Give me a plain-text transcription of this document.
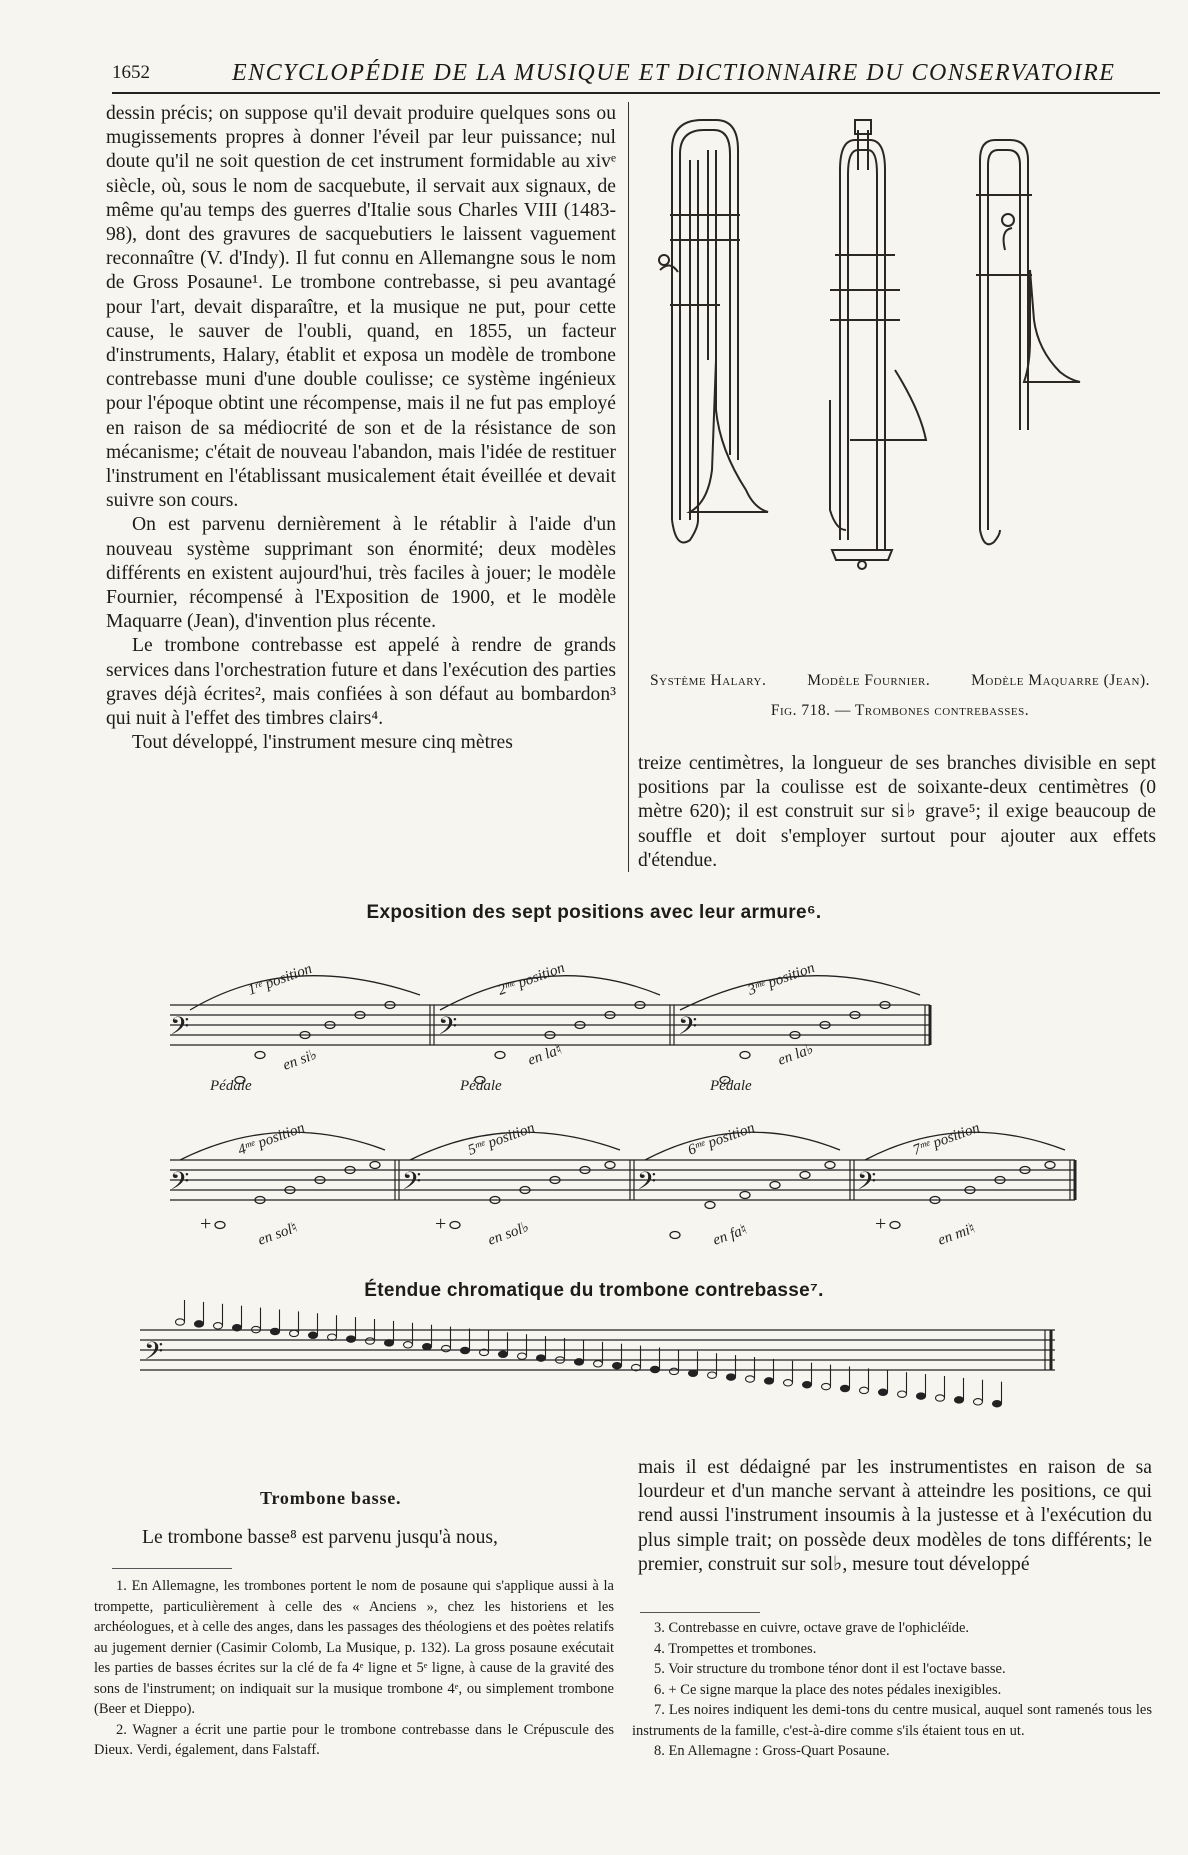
1652	ENCYCLOPÉDIE DE LA MUSIQUE ET DICTIONNAIRE DU CONSERVATOIRE

dessin précis; on suppose qu'il devait produire quelques sons ou mugissements propres à donner l'éveil par leur puissance; nul doute qu'il ne soit question de cet instrument formidable au xivᵉ siècle, où, sous le nom de sacquebute, il servait aux signaux, de même qu'au temps des guerres d'Italie sous Charles VIII (1483-98), dont des gravures de sacquebutiers le laissent vaguement reconnaître (V. d'Indy). Il fut connu en Allemangne sous le nom de Gross Posaune¹. Le trombone contrebasse, si peu avantagé pour l'art, devait disparaître, et la musique ne put, pour cette cause, le sauver de l'oubli, quand, en 1855, un facteur d'instruments, Halary, établit et exposa un modèle de trombone contrebasse muni d'une double coulisse; ce système ingénieux pour l'époque obtint une récompense, mais il ne fut pas employé en raison de sa médiocrité de son et de la résistance de son mécanisme; c'était de nouveau l'abandon, mais l'idée de restituer l'instrument en l'établissant musicalement était éveillée et devait suivre son cours.

On est parvenu dernièrement à le rétablir à l'aide d'un nouveau système supprimant son énormité; deux modèles différents en existent aujourd'hui, très faciles à jouer; le modèle Fournier, récompensé à l'Exposition de 1900, et le modèle Maquarre (Jean), d'invention plus récente.

Le trombone contrebasse est appelé à rendre de grands services dans l'orchestration future et dans l'exécution des parties graves déjà écrites², mais confiées à son défaut au bombardon³ qui nuit à l'effet des timbres clairs⁴.

Tout développé, l'instrument mesure cinq mètres

Système Halary.	Modèle Fournier.	Modèle Maquarre (Jean).
Fig. 718. — Trombones contrebasses.

treize centimètres, la longueur de ses branches divisible en sept positions par la coulisse est de soixante-deux centimètres (0 mètre 620); il est construit sur si♭ grave⁵; il exige beaucoup de souffle et doit s'employer surtout pour ajouter aux effets d'étendue.

Exposition des sept positions avec leur armure⁶.
𝄢	𝄢	𝄢
Pédale	Pédale	Pédale
1ʳᵉ position	2ᵐᵉ position	3ᵐᵉ position
en si♭	en la♮	en la♭
𝄢	𝄢	𝄢	𝄢
+	+	+
4ᵐᵉ position	5ᵐᵉ position	6ᵐᵉ position	7ᵐᵉ position
en sol♮	en sol♭	en fa♮	en mi♮
Étendue chromatique du trombone contrebasse⁷.
𝄢
Trombone basse.

Le trombone basse⁸ est parvenu jusqu'à nous,

mais il est dédaigné par les instrumentistes en raison de sa lourdeur et d'un manche servant à atteindre les positions, ce qui rend aussi l'instrument insoumis à la justesse et à l'exécution du plus simple trait; on possède deux modèles de tons différents; le premier, construit sur sol♭, mesure tout développé

1. En Allemagne, les trombones portent le nom de posaune qui s'applique aussi à la trompette, particulièrement à celle des « Anciens », chez les historiens et les archéologues, et à celle des anges, dans les passages des théologiens et des poètes relatifs au jugement dernier (Casimir Colomb, La Musique, p. 132). La gross posaune exécutait les parties de basses écrites sur la clé de fa 4ᵉ ligne et 5ᵉ ligne, à cause de la gravité des sons de l'instrument; on indiquait sur la musique trombone 4ᵉ, ou simplement trombone (Beer et Dieppo).

2. Wagner a écrit une partie pour le trombone contrebasse dans le Crépuscule des Dieux. Verdi, également, dans Falstaff.

3. Contrebasse en cuivre, octave grave de l'ophicléïde.

4. Trompettes et trombones.

5. Voir structure du trombone ténor dont il est l'octave basse.

6. + Ce signe marque la place des notes pédales inexigibles.

7. Les noires indiquent les demi-tons du centre musical, auquel sont ramenés tous les instruments de la famille, c'est-à-dire comme s'ils étaient tous en ut.

8. En Allemagne : Gross-Quart Posaune.
